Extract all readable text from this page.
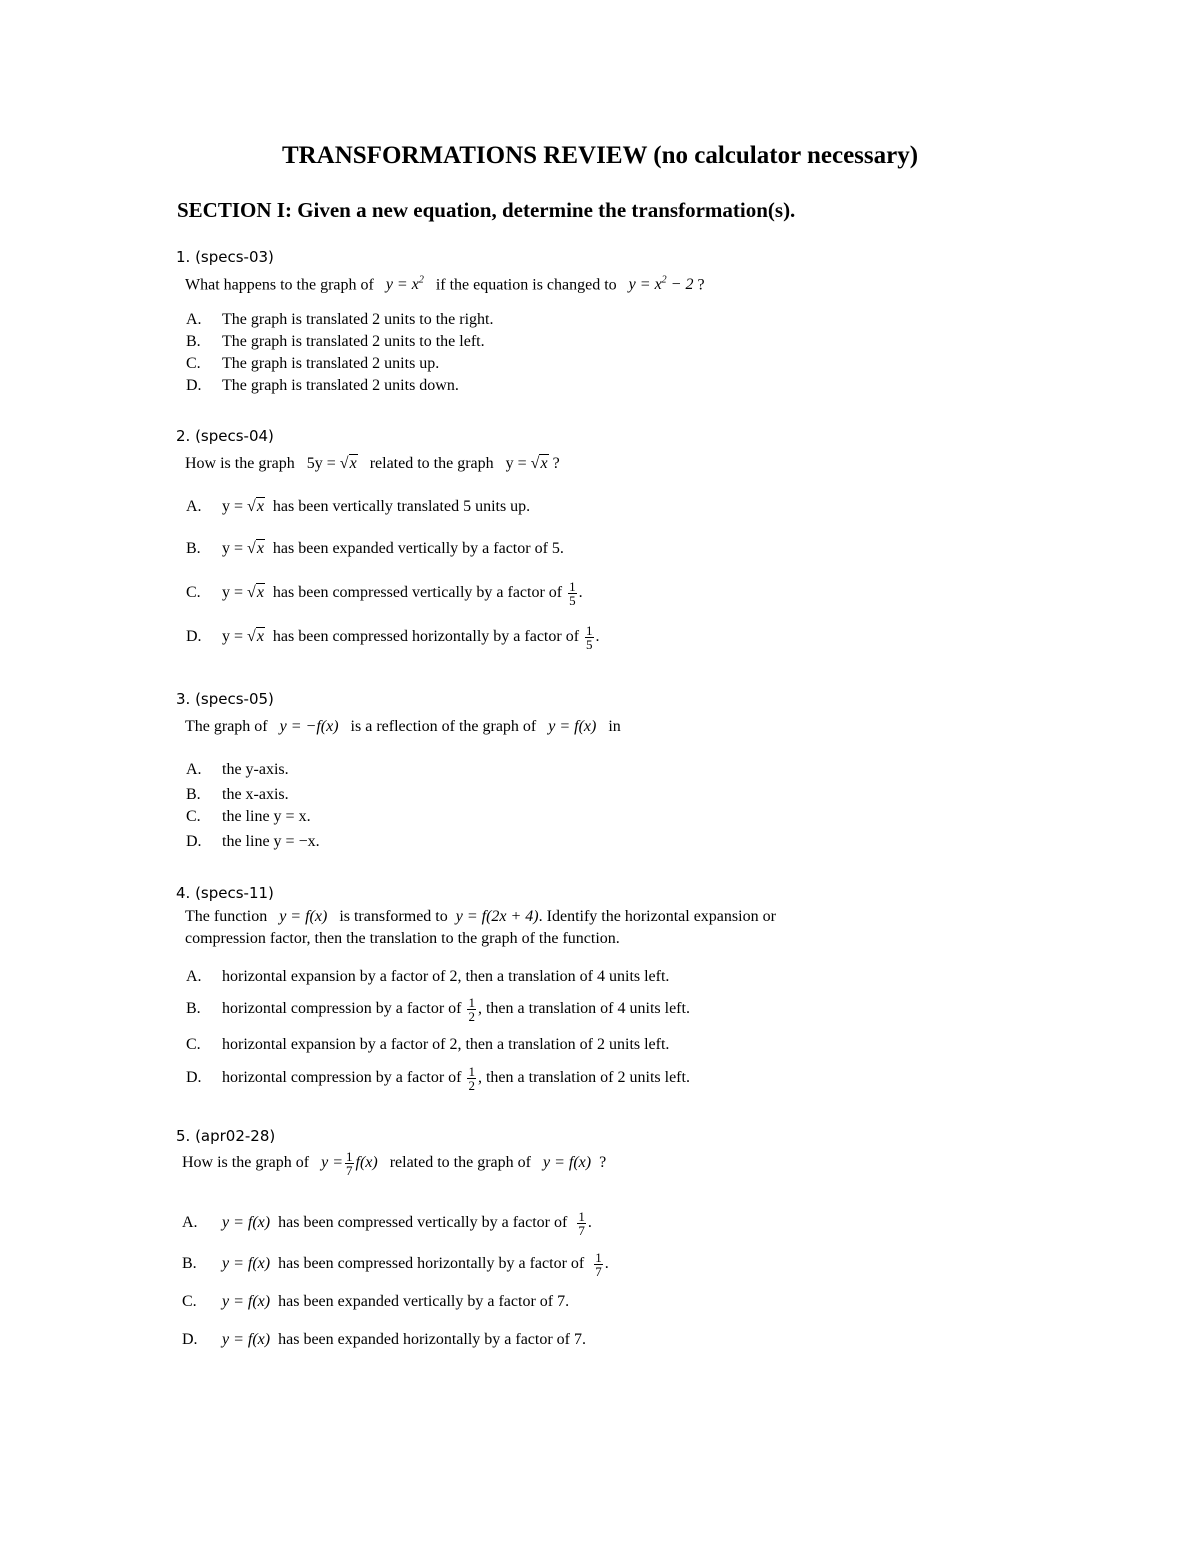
TRANSFORMATIONS REVIEW (no calculator necessary)
SECTION I: Given a new equation, determine the transformation(s).
1. (specs-03)
What happens to the graph of $y = x^2$ if the equation is changed to $y = x^2 - 2$ ?
A. The graph is translated 2 units to the right.
B. The graph is translated 2 units to the left.
C. The graph is translated 2 units up.
D. The graph is translated 2 units down.
2. (specs-04)
How is the graph 5y = √x related to the graph y = √x ?
A. y = √x has been vertically translated 5 units up.
B. y = √x has been expanded vertically by a factor of 5.
C. y = √x has been compressed vertically by a factor of $\frac{1}{5}$ .
D. y = √x has been compressed horizontally by a factor of $\frac{1}{5}$ .
3. (specs-05)
The graph of y = −f(x) is a reflection of the graph of y = f(x) in
A. the y-axis.
B. the x-axis.
C. the line y = x.
D. the line y = −x.
4. (specs-11)
The function y = f(x) is transformed to y = f(2x + 4). Identify the horizontal expansion or
compression factor, then the translation to the graph of the function.
A. horizontal expansion by a factor of 2, then a translation of 4 units left.
B. horizontal compression by a factor of $\frac{1}{2}$ , then a translation of 4 units left.
C. horizontal expansion by a factor of 2, then a translation of 2 units left.
D. horizontal compression by a factor of $\frac{1}{2}$ , then a translation of 2 units left.
5. (apr02-28)
How is the graph of $y = \frac{1}{7} f(x)$ related to the graph of y = f(x) ?
A. y = f(x) has been compressed vertically by a factor of $\frac{1}{7}$ .
B. y = f(x) has been compressed horizontally by a factor of $\frac{1}{7}$ .
C. y = f(x) has been expanded vertically by a factor of 7.
D. y = f(x) has been expanded horizontally by a factor of 7.
